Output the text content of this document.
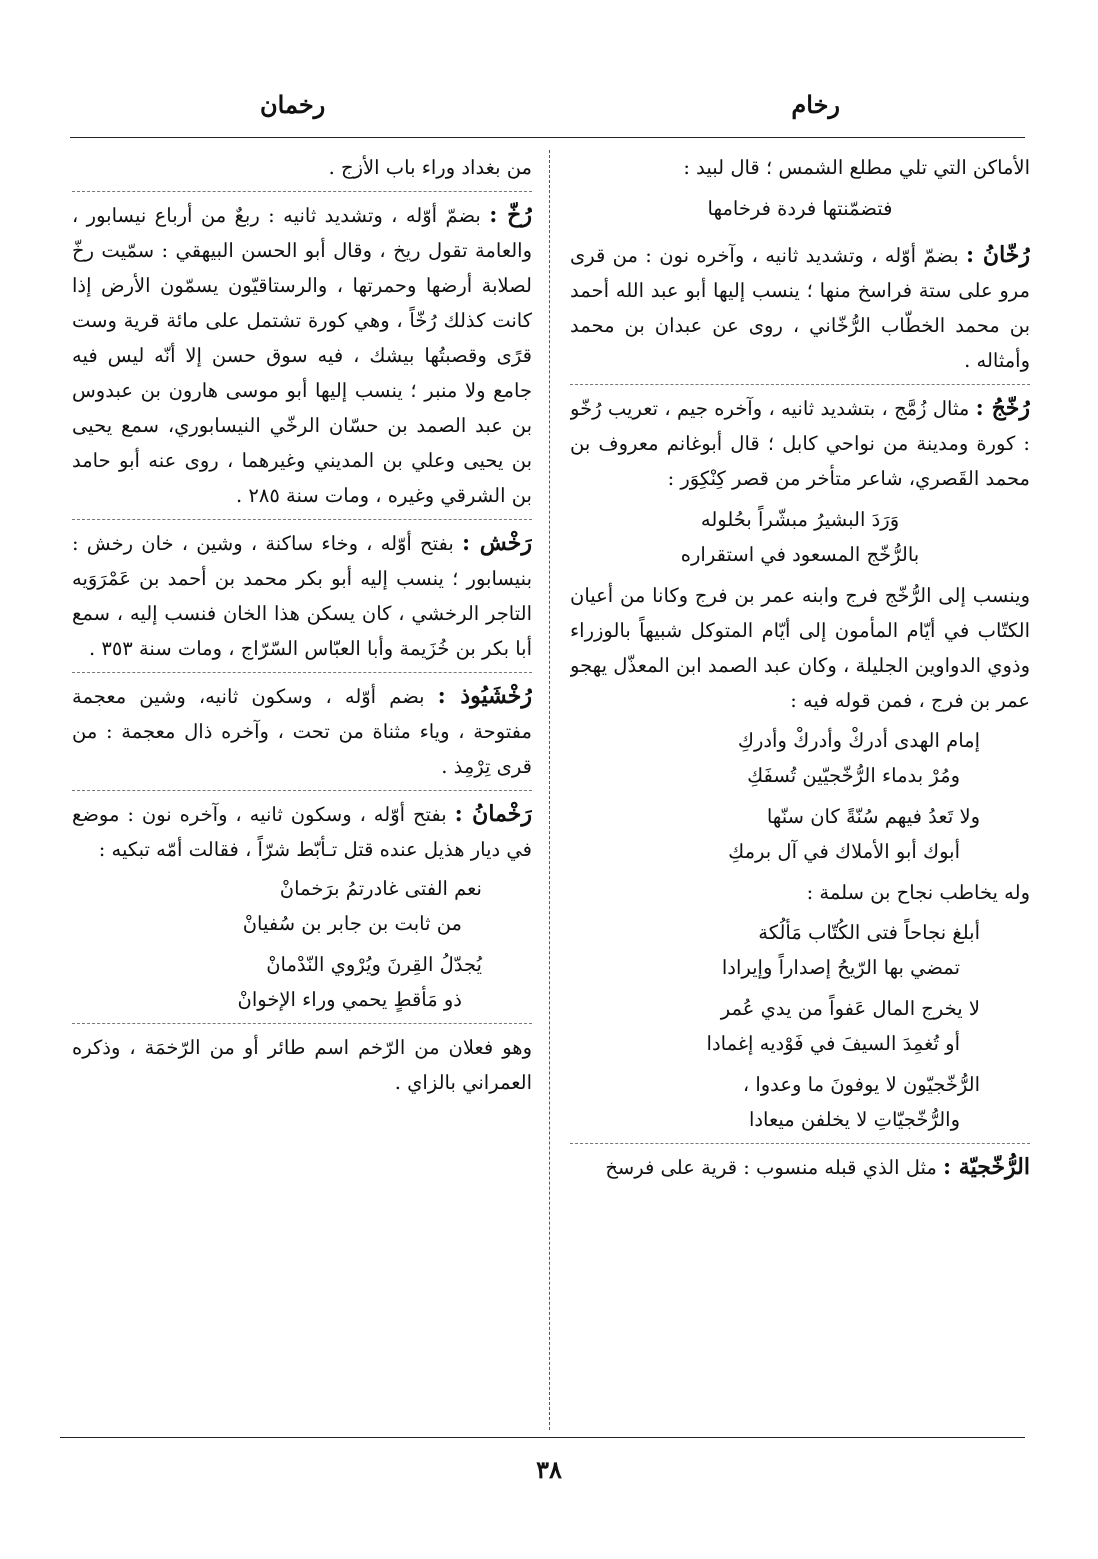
رخام
رخمان

الأماكن التي تلي مطلع الشمس ؛ قال لبيد :

فتضمّنتها فردة فرخامها
رُخّانُ : بضمّ أوّله ، وتشديد ثانيه ، وآخره نون : من قرى مرو على ستة فراسخ منها ؛ ينسب إليها أبو عبد الله أحمد بن محمد الخطّاب الرُّخّاني ، روى عن عبدان بن محمد وأمثاله .
رُخّجُ : مثال زُمَّج ، بتشديد ثانيه ، وآخره جيم ، تعريب رُخّو : كورة ومدينة من نواحي كابل ؛ قال أبوغانم معروف بن محمد القَصري، شاعر متأخر من قصر كِنْكِوَر :
وَرَدَ البشيرُ مبشّراً بحُلوله
بالرُّخّج المسعود في استقراره

وينسب إلى الرُّخّج فرج وابنه عمر بن فرج وكانا من أعيان الكتّاب في أيّام المأمون إلى أيّام المتوكل شبيهاً بالوزراء وذوي الدواوين الجليلة ، وكان عبد الصمد ابن المعذّل يهجو عمر بن فرج ، فمن قوله فيه :

إمام الهدى أدركْ وأدركْ وأدركِ
ومُرْ بدماء الرُّخّجيّين تُسفَكِ
ولا تَعدُ فيهم سُنّةً كان سنّها
أبوك أبو الأملاك في آل برمكِ

وله يخاطب نجاح بن سلمة :

أبلغ نجاحاً فتى الكُتّاب مَألُكة
تمضي بها الرّيحُ إصداراً وإيرادا
لا يخرج المال عَفواً من يدي عُمر
أو تُغمِدَ السيفَ في فَوْديه إغمادا
الرُّخّجيّون لا يوفونَ ما وعدوا ،
والرُّخّجيّاتِ لا يخلفن ميعادا
الرُّخّجيّة : مثل الذي قبله منسوب : قرية على فرسخ

من بغداد وراء باب الأزج .

رُخّ : بضمّ أوّله ، وتشديد ثانيه : ربعٌ من أرباع نيسابور ، والعامة تقول ريخ ، وقال أبو الحسن البيهقي : سمّيت رخّ لصلابة أرضها وحمرتها ، والرستاقيّون يسمّون الأرض إذا كانت كذلك رُخّاً ، وهي كورة تشتمل على مائة قرية وست قرًى وقصبتُها بيشك ، فيه سوق حسن إلا أنّه ليس فيه جامع ولا منبر ؛ ينسب إليها أبو موسى هارون بن عبدوس بن عبد الصمد بن حسّان الرخّي النيسابوري، سمع يحيى بن يحيى وعلي بن المديني وغيرهما ، روى عنه أبو حامد بن الشرقي وغيره ، ومات سنة ٢٨٥ .
رَخْش : بفتح أوّله ، وخاء ساكنة ، وشين ، خان رخش : بنيسابور ؛ ينسب إليه أبو بكر محمد بن أحمد بن عَمْرَوَيه التاجر الرخشي ، كان يسكن هذا الخان فنسب إليه ، سمع أبا بكر بن خُزَيمة وأبا العبّاس السّرّاج ، ومات سنة ٣٥٣ .
رُخْشَيُوذ : بضم أوّله ، وسكون ثانيه، وشين معجمة مفتوحة ، وياء مثناة من تحت ، وآخره ذال معجمة : من قرى تِرْمِذ .
رَخْمانُ : بفتح أوّله ، وسكون ثانيه ، وآخره نون : موضع في ديار هذيل عنده قتل تـأبّط شرّاً ، فقالت أمّه تبكيه :
نعم الفتى غادرتمُ برَخمانْ
من ثابت بن جابر بن سُفيانْ
يُجدّلُ القِرنَ ويُرْوي النّدْمانْ
ذو مَأقطٍ يحمي وراء الإخوانْ
وهو فعلان من الرّخم اسم طائر أو من الرّخمَة ، وذكره العمراني بالزاي .
٣٨
